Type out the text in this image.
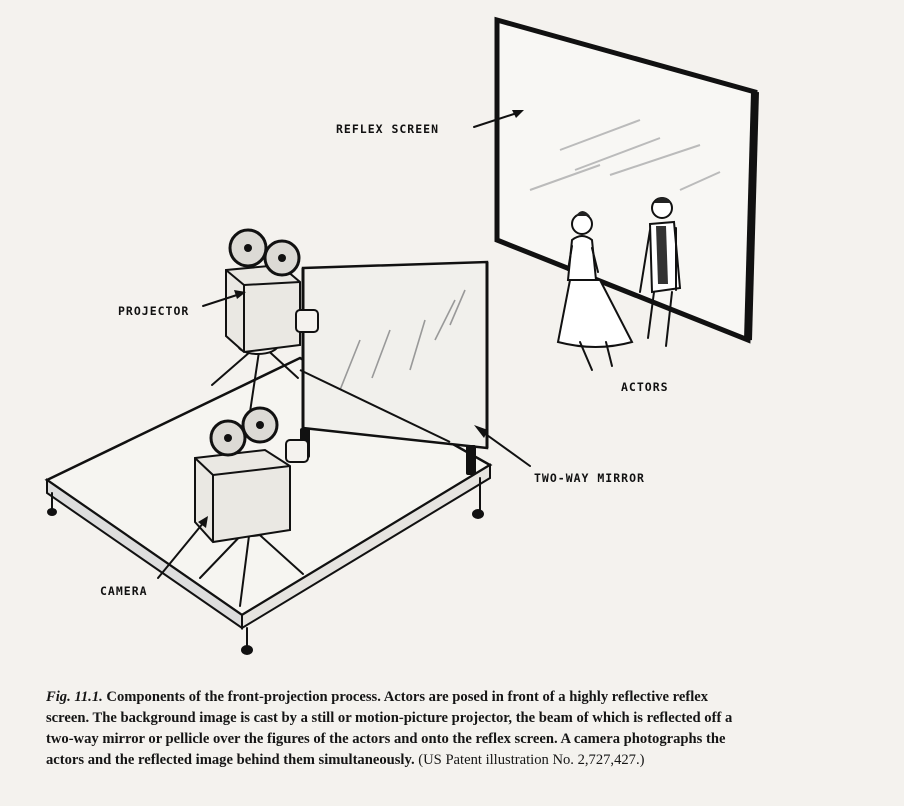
REFLEX SCREEN
PROJECTOR
CAMERA
ACTORS
TWO-WAY MIRROR

Fig. 11.1. Components of the front-projection process. Actors are posed in front of a highly reflective reflex screen. The background image is cast by a still or motion-picture projector, the beam of which is reflected off a two-way mirror or pellicle over the figures of the actors and onto the reflex screen. A camera photographs the actors and the reflected image behind them simultaneously. (US Patent illustration No. 2,727,427.)
